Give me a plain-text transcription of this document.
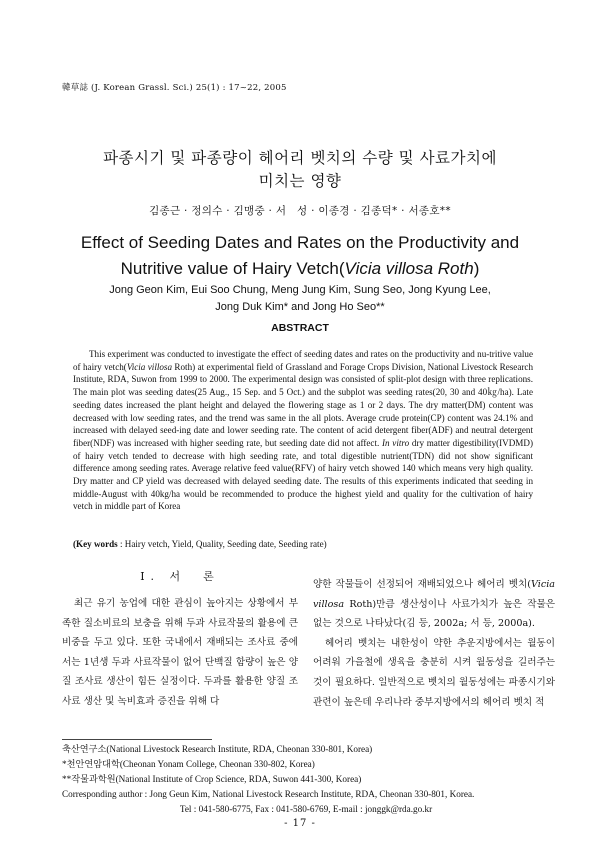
韓草誌 (J. Korean Grassl. Sci.) 25(1) : 17~22, 2005
파종시기 및 파종량이 헤어리 벳치의 수량 및 사료가치에
미치는 영향
김종근 · 정의수 · 김맹중 · 서　성 · 이종경 · 김종덕* · 서종호**
Effect of Seeding Dates and Rates on the Productivity and
Nutritive value of Hairy Vetch(Vicia villosa Roth)
Jong Geon Kim, Eui Soo Chung, Meng Jung Kim, Sung Seo, Jong Kyung Lee,
Jong Duk Kim* and Jong Ho Seo**
ABSTRACT

This experiment was conducted to investigate the effect of seeding dates and rates on the productivity and nu-tritive value of hairy vetch(Vicia villosa Roth) at experimental field of Grassland and Forage Crops Division, National Livestock Research Institute, RDA, Suwon from 1999 to 2000. The experimental design was consisted of split-plot design with three replications. The main plot was seeding dates(25 Aug., 15 Sep. and 5 Oct.) and the subplot was seeding rates(20, 30 and 40㎏/ha). Late seeding dates increased the plant height and delayed the flowering stage as 1 or 2 days. The dry matter(DM) content was decreased with low seeding rates, and the trend was same in the all plots. Average crude protein(CP) content was 24.1% and increased with delayed seed-ing date and lower seeding rate. The content of acid detergent fiber(ADF) and neutral detergent fiber(NDF) was increased with higher seeding rate, but seeding date did not affect. In vitro dry matter digestibility(IVDMD) of hairy vetch tended to decrease with high seeding rate, and total digestible nutrient(TDN) did not show significant difference among seeding rates. Average relative feed value(RFV) of hairy vetch showed 140 which means very high quality. Dry matter and CP yield was decreased with delayed seeding date. The results of this experiments indicated that seeding in middle-August with 40kg/ha would be recommended to produce the highest yield and quality for the cultivation of hairy vetch in middle part of Korea

(Key words : Hairy vetch, Yield, Quality, Seeding date, Seeding rate)
Ⅰ. 서　론

최근 유기 농업에 대한 관심이 높아지는 상황에서 부족한 질소비료의 보충을 위해 두과 사료작물의 활용에 큰 비중을 두고 있다. 또한 국내에서 재배되는 조사료 중에서는 1년생 두과 사료작물이 없어 단백질 함량이 높은 양질 조사료 생산이 힘든 실정이다. 두과를 활용한 양질 조사료 생산 및 녹비효과 증진을 위해 다

양한 작물들이 선정되어 재배되었으나 헤어리 벳치(Vicia villosa Roth)만큼 생산성이나 사료가치가 높은 작물은 없는 것으로 나타났다(김 등, 2002a; 서 등, 2000a).
헤어리 벳치는 내한성이 약한 추운지방에서는 월동이 어려워 가을철에 생육을 충분히 시켜 월동성을 길러주는 것이 필요하다. 일반적으로 벳치의 월동성에는 파종시기와 관련이 높은데 우리나라 중부지방에서의 헤어리 벳치 적

축산연구소(National Livestock Research Institute, RDA, Cheonan 330-801, Korea)
*천안연암대학(Cheonan Yonam College, Cheonan 330-802, Korea)
**작물과학원(National Institute of Crop Science, RDA, Suwon 441-300, Korea)
Corresponding author : Jong Geun Kim, National Livestock Research Institute, RDA, Cheonan 330-801, Korea.
Tel : 041-580-6775, Fax : 041-580-6769, E-mail : jonggk@rda.go.kr

- 17 -
